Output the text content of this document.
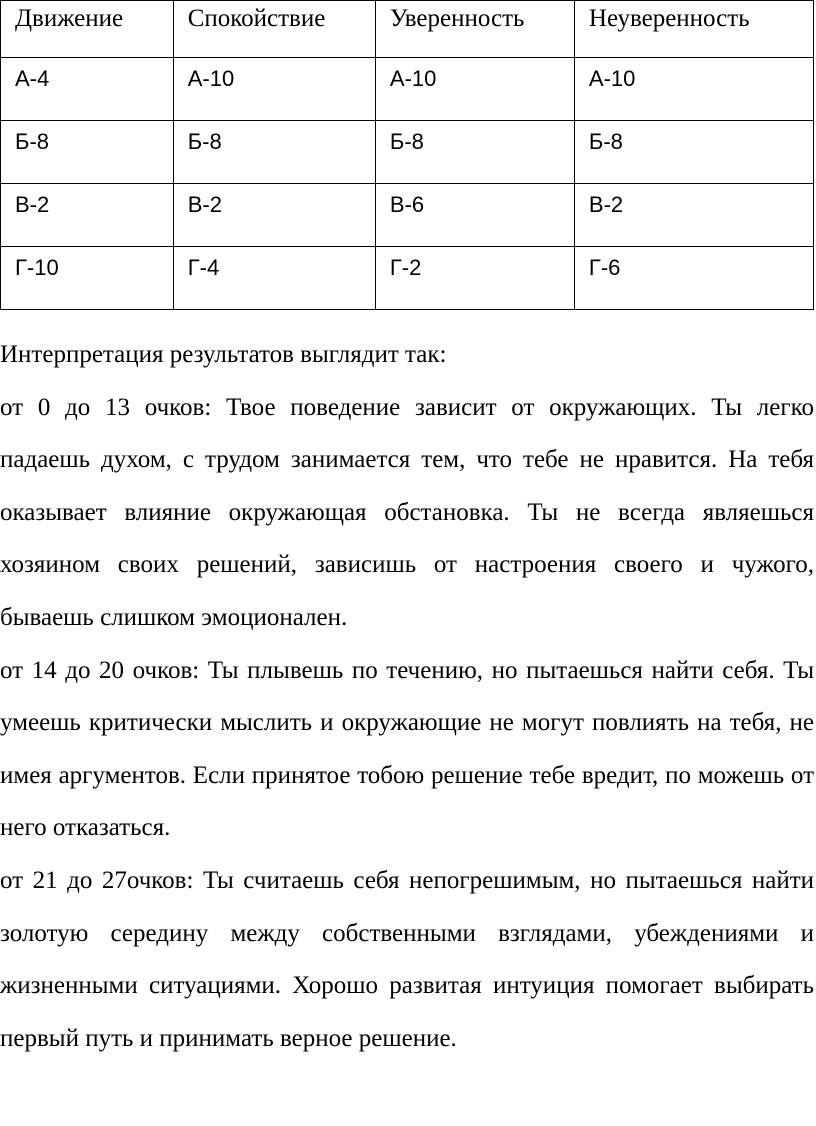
Движение	Спокойствие	Уверенность	Неуверенность
А-4	А-10	А-10	А-10
Б-8	Б-8	Б-8	Б-8
В-2	В-2	В-6	В-2
Г-10	Г-4	Г-2	Г-6

Интерпретация результатов выглядит так:

от 0 до 13 очков: Твое поведение зависит от окружающих. Ты легко падаешь духом, с трудом занимается тем, что тебе не нравится. На тебя оказывает влияние окружающая обстановка. Ты не всегда являешься хозяином своих решений, зависишь от настроения своего и чужого, бываешь слишком эмоционален.

от 14 до 20 очков: Ты плывешь по течению, но пытаешься найти себя. Ты умеешь критически мыслить и окружающие не могут повлиять на тебя, не имея аргументов. Если принятое тобою решение тебе вредит, по можешь от него отказаться.

от 21 до 27очков: Ты считаешь себя непогрешимым, но пытаешься найти золотую середину между собственными взглядами, убеждениями и жизненными ситуациями. Хорошо развитая интуиция помогает выбирать первый путь и принимать верное решение.
